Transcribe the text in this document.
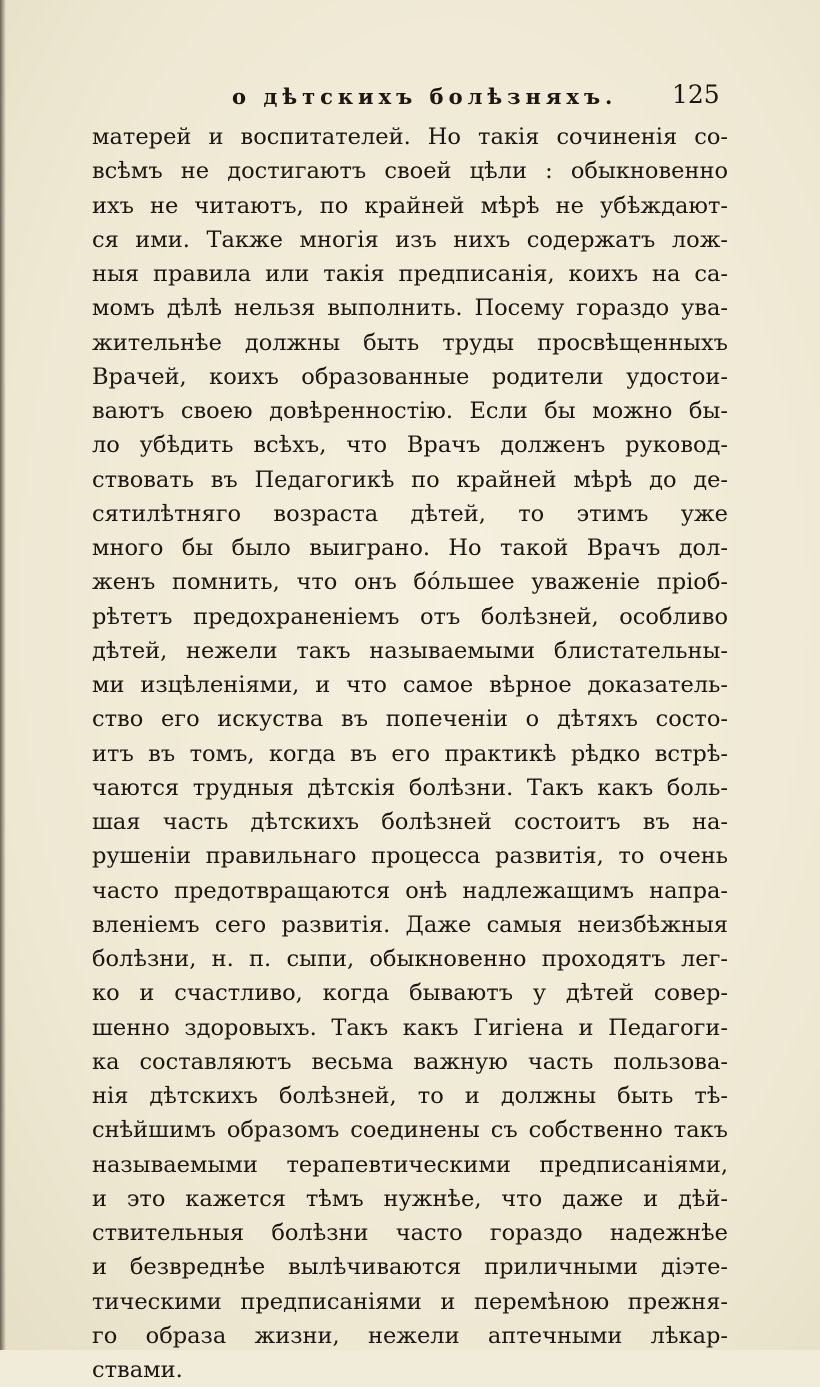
о дѣтскихъ болѣзняхъ. 125
матерей и воспитателей. Но такія сочиненія со-
всѣмъ не достигаютъ своей цѣли : обыкновенно
ихъ не читаютъ, по крайней мѣрѣ не убѣждают-
ся ими. Также многія изъ нихъ содержатъ лож-
ныя правила или такія предписанія, коихъ на са-
момъ дѣлѣ нельзя выполнить. Посему гораздо ува-
жительнѣе должны быть труды просвѣщенныхъ
Врачей, коихъ образованные родители удостои-
ваютъ своею довѣренностію. Если бы можно бы-
ло убѣдить всѣхъ, что Врачъ долженъ руковод-
ствовать въ Педагогикѣ по крайней мѣрѣ до де-
сятилѣтняго возраста дѣтей, то этимъ уже
много бы было выиграно. Но такой Врачъ дол-
женъ помнить, что онъ бóльшее уваженіе пріоб-
рѣтетъ предохраненіемъ отъ болѣзней, особливо
дѣтей, нежели такъ называемыми блистательны-
ми изцѣленіями, и что самое вѣрное доказатель-
ство его искуства въ попеченіи о дѣтяхъ состо-
итъ въ томъ, когда въ его практикѣ рѣдко встрѣ-
чаются трудныя дѣтскія болѣзни. Такъ какъ боль-
шая часть дѣтскихъ болѣзней состоитъ въ на-
рушеніи правильнаго процесса развитія, то очень
часто предотвращаются онѣ надлежащимъ напра-
вленіемъ сего развитія. Даже самыя неизбѣжныя
болѣзни, н. п. сыпи, обыкновенно проходятъ лег-
ко и счастливо, когда бываютъ у дѣтей совер-
шенно здоровыхъ. Такъ какъ Гигіена и Педагоги-
ка составляютъ весьма важную часть пользова-
нія дѣтскихъ болѣзней, то и должны быть тѣ-
снѣйшимъ образомъ соединены съ собственно такъ
называемыми терапевтическими предписаніями,
и это кажется тѣмъ нужнѣе, что даже и дѣй-
ствительныя болѣзни часто гораздо надежнѣе
и безвреднѣе вылѣчиваются приличными діэте-
тическими предписаніями и перемѣною прежня-
го образа жизни, нежели аптечными лѣкар-
ствами.
